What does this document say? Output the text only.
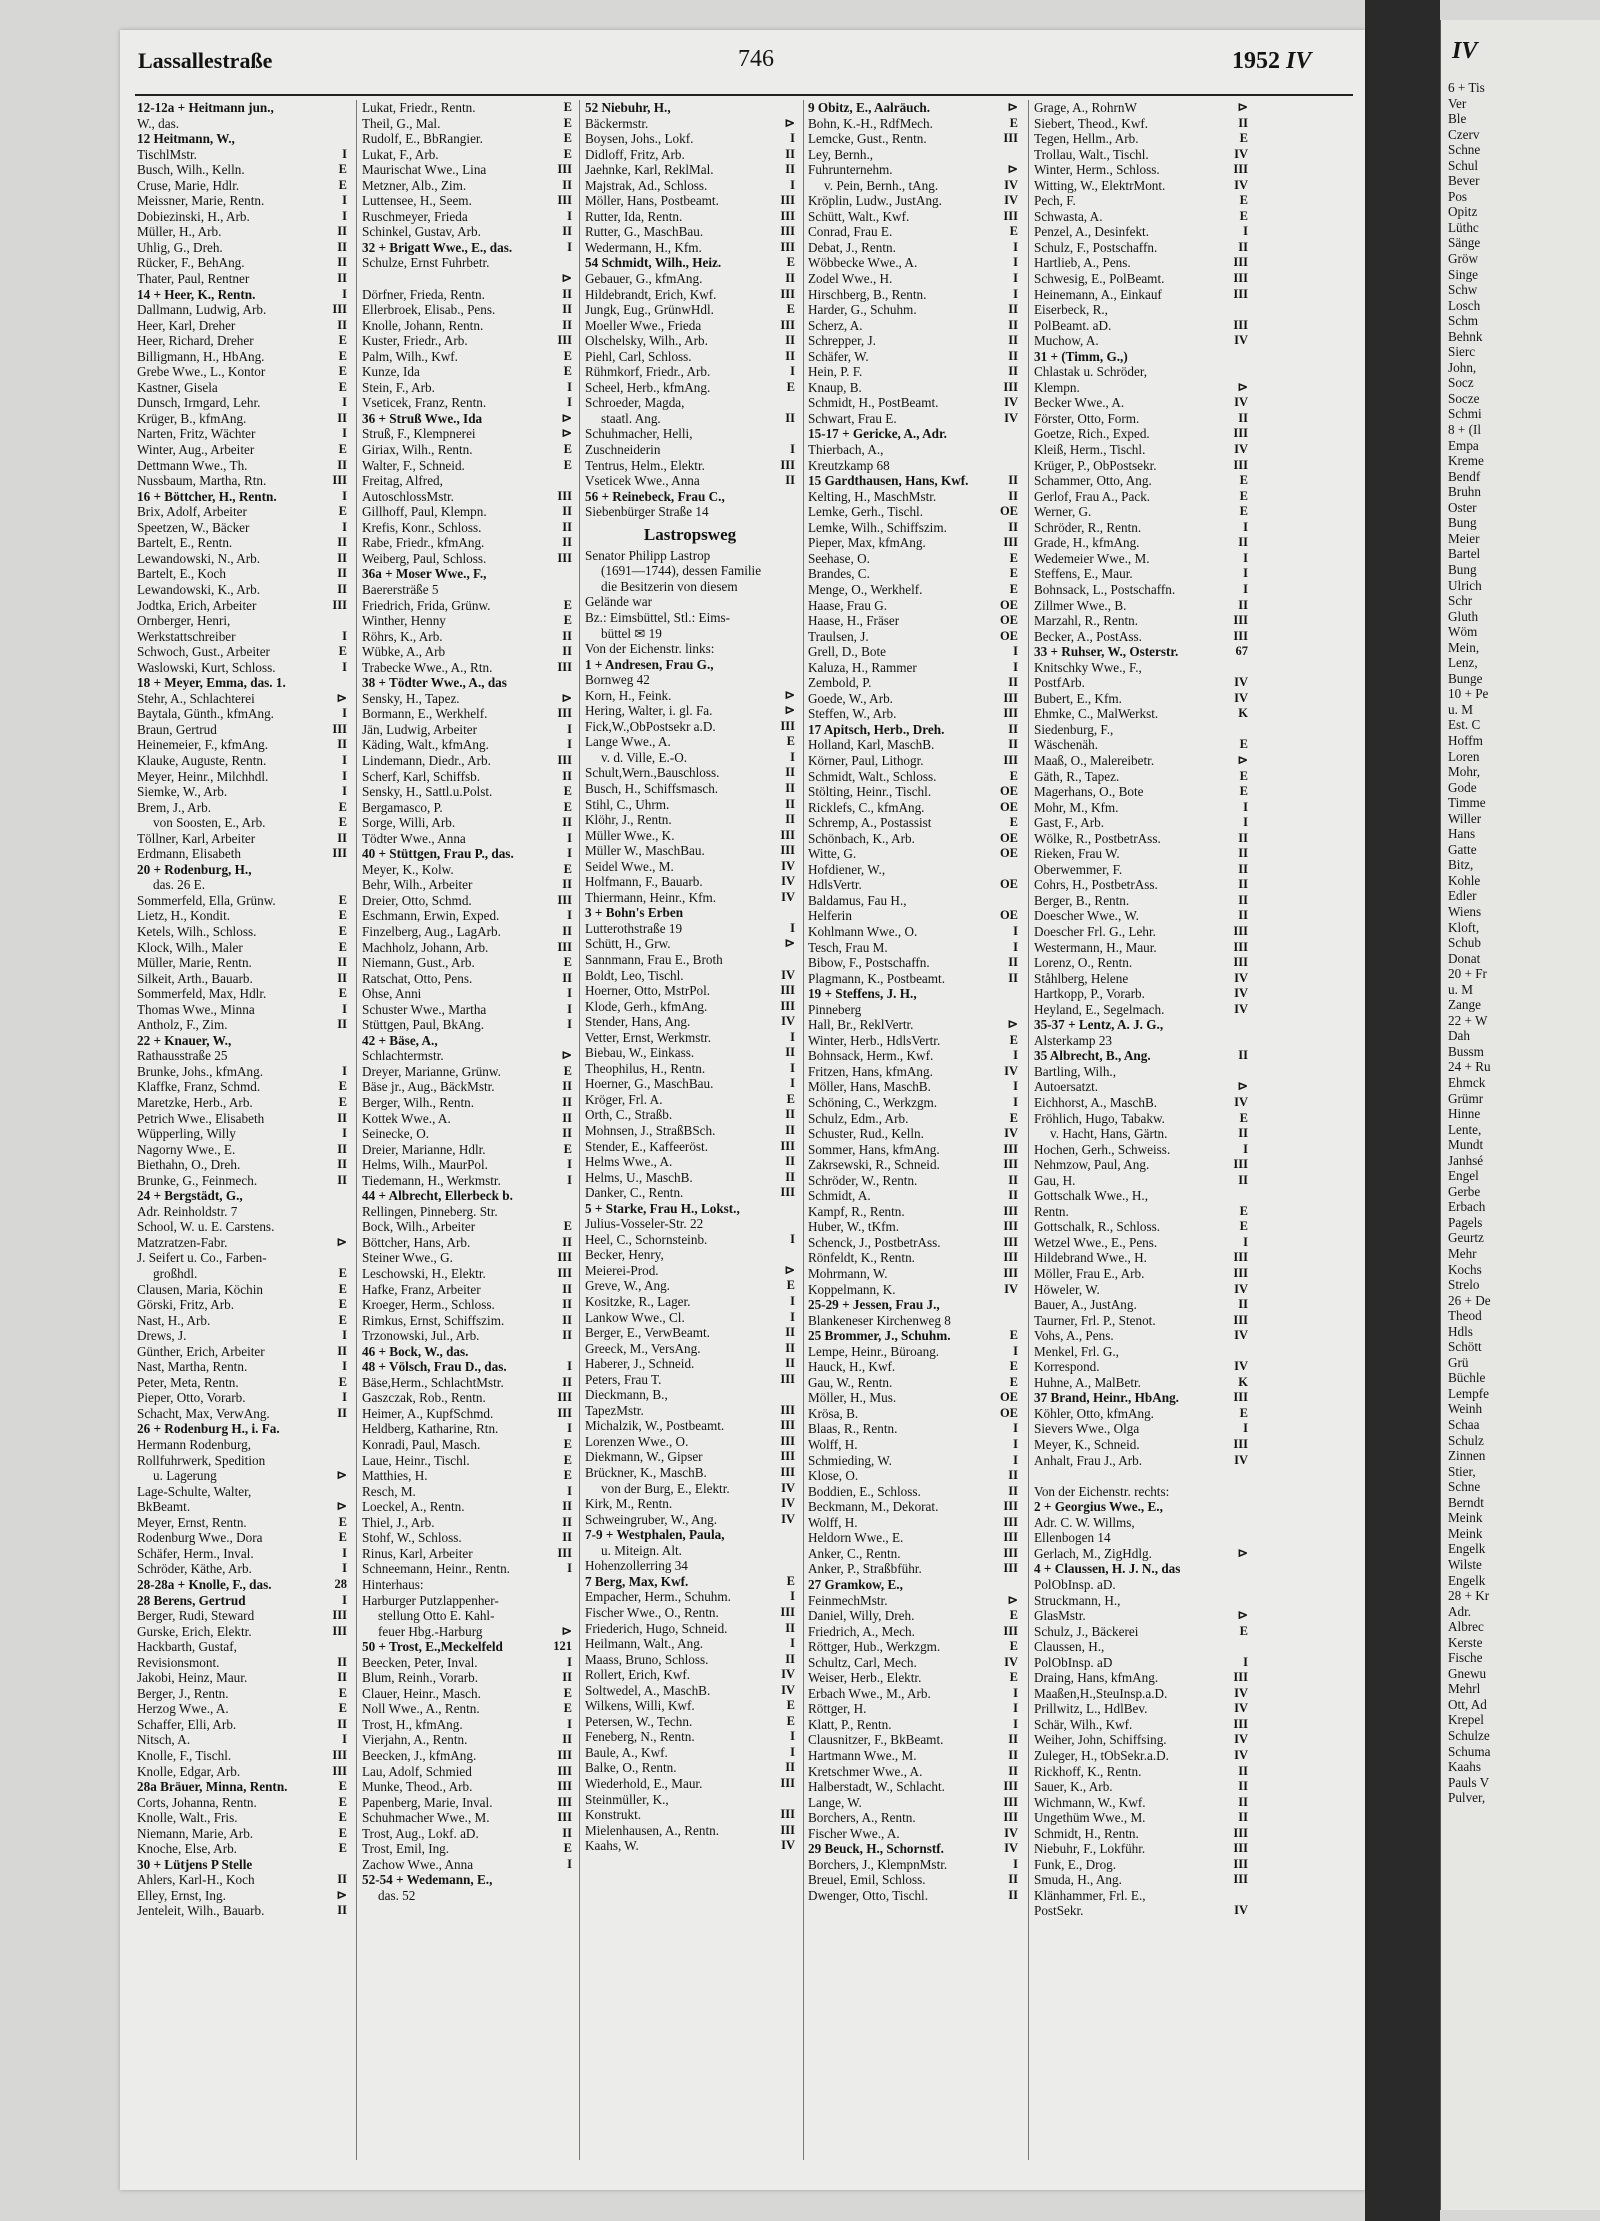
IV
6 + Tis
Ver
Ble
Czerv
Schne
Schul
Bever
Pos
Opitz
Lüthc
Sänge
Gröw
Singe
Schw
Losch
Schm
Behnk
Sierc
John,
Socz
Socze
Schmi
8 + (Il
Empa
Kreme
Bendf
Bruhn
Oster
Bung
Meier
Bartel
Bung
Ulrich
Schr
Gluth
Wöm
Mein,
Lenz,
Bunge
10 + Pe
u. M
Est. C
Hoffm
Loren
Mohr,
Gode
Timme
Willer
Hans
Gatte
Bitz,
Kohle
Edler
Wiens
Kloft,
Schub
Donat
20 + Fr
u. M
Zange
22 + W
Dah
Bussm
24 + Ru
Ehmck
Grümr
Hinne
Lente,
Mundt
Janhsé
Engel
Gerbe
Erbach
Pagels
Geurtz
Mehr
Kochs
Strelo
26 + De
Theod
Hdls
Schött
Grü
Büchle
Lempfe
Weinh
Schaa
Schulz
Zinnen
Stier,
Schne
Berndt
Meink
Meink
Engelk
Wilste
Engelk
28 + Kr
Adr.
Albrec
Kerste
Fische
Gnewu
Mehrl
Ott, Ad
Krepel
Schulze
Schuma
Kaahs
Pauls V
Pulver,
Lassallestraße	746	1952 IV
12-12a + Heitmann jun.,
W., das.
12 Heitmann, W.,
TischlMstr.	I
Busch, Wilh., Kelln.	E
Cruse, Marie, Hdlr.	E
Meissner, Marie, Rentn.	I
Dobiezinski, H., Arb.	I
Müller, H., Arb.	II
Uhlig, G., Dreh.	II
Rücker, F., BehAng.	II
Thater, Paul, Rentner	II
14 + Heer, K., Rentn.	I
Dallmann, Ludwig, Arb.	III
Heer, Karl, Dreher	II
Heer, Richard, Dreher	E
Billigmann, H., HbAng.	E
Grebe Wwe., L., Kontor	E
Kastner, Gisela	E
Dunsch, Irmgard, Lehr.	I
Krüger, B., kfmAng.	II
Narten, Fritz, Wächter	I
Winter, Aug., Arbeiter	E
Dettmann Wwe., Th.	II
Nussbaum, Martha, Rtn.	III
16 + Böttcher, H., Rentn.	I
Brix, Adolf, Arbeiter	E
Speetzen, W., Bäcker	I
Bartelt, E., Rentn.	II
Lewandowski, N., Arb.	II
Bartelt, E., Koch	II
Lewandowski, K., Arb.	II
Jodtka, Erich, Arbeiter	III
Ornberger, Henri,
Werkstattschreiber	I
Schwoch, Gust., Arbeiter	E
Waslowski, Kurt, Schloss.	I
18 + Meyer, Emma, das. 1.
Stehr, A., Schlachterei	⊳
Baytala, Günth., kfmAng.	I
Braun, Gertrud	III
Heinemeier, F., kfmAng.	II
Klauke, Auguste, Rentn.	I
Meyer, Heinr., Milchhdl.	I
Siemke, W., Arb.	I
Brem, J., Arb.	E
von Soosten, E., Arb.	E
Töllner, Karl, Arbeiter	II
Erdmann, Elisabeth	III
20 + Rodenburg, H.,
das. 26 E.
Sommerfeld, Ella, Grünw.	E
Lietz, H., Kondit.	E
Ketels, Wilh., Schloss.	E
Klock, Wilh., Maler	E
Müller, Marie, Rentn.	II
Silkeit, Arth., Bauarb.	II
Sommerfeld, Max, Hdlr.	E
Thomas Wwe., Minna	I
Antholz, F., Zim.	II
22 + Knauer, W.,
Rathausstraße 25
Brunke, Johs., kfmAng.	I
Klaffke, Franz, Schmd.	E
Maretzke, Herb., Arb.	E
Petrich Wwe., Elisabeth	II
Wüpperling, Willy	I
Nagorny Wwe., E.	II
Biethahn, O., Dreh.	II
Brunke, G., Feinmech.	II
24 + Bergstädt, G.,
Adr. Reinholdstr. 7
School, W. u. E. Carstens.
Matzratzen-Fabr.	⊳
J. Seifert u. Co., Farben-
großhdl.	E
Clausen, Maria, Köchin	E
Görski, Fritz, Arb.	E
Nast, H., Arb.	E
Drews, J.	I
Günther, Erich, Arbeiter	II
Nast, Martha, Rentn.	I
Peter, Meta, Rentn.	E
Pieper, Otto, Vorarb.	I
Schacht, Max, VerwAng.	II
26 + Rodenburg H., i. Fa.
Hermann Rodenburg,
Rollfuhrwerk, Spedition
u. Lagerung	⊳
Lage-Schulte, Walter,
BkBeamt.	⊳
Meyer, Ernst, Rentn.	E
Rodenburg Wwe., Dora	E
Schäfer, Herm., Inval.	I
Schröder, Käthe, Arb.	I
28-28a + Knolle, F., das.	28
28 Berens, Gertrud	I
Berger, Rudi, Steward	III
Gurske, Erich, Elektr.	III
Hackbarth, Gustaf,
Revisionsmont.	II
Jakobi, Heinz, Maur.	II
Berger, J., Rentn.	E
Herzog Wwe., A.	E
Schaffer, Elli, Arb.	II
Nitsch, A.	I
Knolle, F., Tischl.	III
Knolle, Edgar, Arb.	III
28a Bräuer, Minna, Rentn.	E
Corts, Johanna, Rentn.	E
Knolle, Walt., Fris.	E
Niemann, Marie, Arb.	E
Knoche, Else, Arb.	E
30 + Lütjens P Stelle
Ahlers, Karl-H., Koch	II
Elley, Ernst, Ing.	⊳
Jenteleit, Wilh., Bauarb.	II
Lukat, Friedr., Rentn.	E
Theil, G., Mal.	E
Rudolf, E., BbRangier.	E
Lukat, F., Arb.	E
Maurischat Wwe., Lina	III
Metzner, Alb., Zim.	II
Luttensee, H., Seem.	III
Ruschmeyer, Frieda	I
Schinkel, Gustav, Arb.	II
32 + Brigatt Wwe., E., das.	I
Schulze, Ernst Fuhrbetr.
⊳
Dörfner, Frieda, Rentn.	II
Ellerbroek, Elisab., Pens.	II
Knolle, Johann, Rentn.	II
Kuster, Friedr., Arb.	III
Palm, Wilh., Kwf.	E
Kunze, Ida	E
Stein, F., Arb.	I
Vseticek, Franz, Rentn.	I
36 + Struß Wwe., Ida	⊳
Struß, F., Klempnerei	⊳
Giriax, Wilh., Rentn.	E
Walter, F., Schneid.	E
Freitag, Alfred,
AutoschlossMstr.	III
Gillhoff, Paul, Klempn.	II
Krefis, Konr., Schloss.	II
Rabe, Friedr., kfmAng.	II
Weiberg, Paul, Schloss.	III
36a + Moser Wwe., F.,
Baerersträße 5
Friedrich, Frida, Grünw.	E
Winther, Henny	E
Röhrs, K., Arb.	II
Wübke, A., Arb	II
Trabecke Wwe., A., Rtn.	III
38 + Tödter Wwe., A., das
Sensky, H., Tapez.	⊳
Bormann, E., Werkhelf.	III
Jän, Ludwig, Arbeiter	I
Käding, Walt., kfmAng.	I
Lindemann, Diedr., Arb.	III
Scherf, Karl, Schiffsb.	II
Sensky, H., Sattl.u.Polst.	E
Bergamasco, P.	E
Sorge, Willi, Arb.	II
Tödter Wwe., Anna	I
40 + Stüttgen, Frau P., das.	I
Meyer, K., Kolw.	E
Behr, Wilh., Arbeiter	II
Dreier, Otto, Schmd.	III
Eschmann, Erwin, Exped.	I
Finzelberg, Aug., LagArb.	II
Machholz, Johann, Arb.	III
Niemann, Gust., Arb.	E
Ratschat, Otto, Pens.	II
Ohse, Anni	I
Schuster Wwe., Martha	I
Stüttgen, Paul, BkAng.	I
42 + Bäse, A.,
Schlachtermstr.	⊳
Dreyer, Marianne, Grünw.	E
Bäse jr., Aug., BäckMstr.	II
Berger, Wilh., Rentn.	II
Kottek Wwe., A.	II
Seinecke, O.	II
Dreier, Marianne, Hdlr.	E
Helms, Wilh., MaurPol.	I
Tiedemann, H., Werkmstr.	I
44 + Albrecht, Ellerbeck b.
Rellingen, Pinneberg. Str.
Bock, Wilh., Arbeiter	E
Böttcher, Hans, Arb.	II
Steiner Wwe., G.	III
Leschowski, H., Elektr.	III
Hafke, Franz, Arbeiter	II
Kroeger, Herm., Schloss.	II
Rimkus, Ernst, Schiffszim.	II
Trzonowski, Jul., Arb.	II
46 + Bock, W., das.
48 + Völsch, Frau D., das.	I
Bäse,Herm., SchlachtMstr.	II
Gaszczak, Rob., Rentn.	III
Heimer, A., KupfSchmd.	III
Heldberg, Katharine, Rtn.	I
Konradi, Paul, Masch.	E
Laue, Heinr., Tischl.	E
Matthies, H.	E
Resch, M.	I
Loeckel, A., Rentn.	II
Thiel, J., Arb.	II
Stohf, W., Schloss.	II
Rinus, Karl, Arbeiter	III
Schneemann, Heinr., Rentn.	I
Hinterhaus:
Harburger Putzlappenher-
stellung Otto E. Kahl-
feuer Hbg.-Harburg	⊳
50 + Trost, E.,Meckelfeld	121
Beecken, Peter, Inval.	I
Blum, Reinh., Vorarb.	II
Clauer, Heinr., Masch.	E
Noll Wwe., A., Rentn.	E
Trost, H., kfmAng.	I
Vierjahn, A., Rentn.	II
Beecken, J., kfmAng.	III
Lau, Adolf, Schmied	III
Munke, Theod., Arb.	III
Papenberg, Marie, Inval.	III
Schuhmacher Wwe., M.	III
Trost, Aug., Lokf. aD.	II
Trost, Emil, Ing.	E
Zachow Wwe., Anna	I
52-54 + Wedemann, E.,
das. 52
52 Niebuhr, H.,
Bäckermstr.	⊳
Boysen, Johs., Lokf.	I
Didloff, Fritz, Arb.	II
Jaehnke, Karl, ReklMal.	II
Majstrak, Ad., Schloss.	I
Möller, Hans, Postbeamt.	III
Rutter, Ida, Rentn.	III
Rutter, G., MaschBau.	III
Wedermann, H., Kfm.	III
54 Schmidt, Wilh., Heiz.	E
Gebauer, G., kfmAng.	II
Hildebrandt, Erich, Kwf.	III
Jungk, Eug., GrünwHdl.	E
Moeller Wwe., Frieda	III
Olschelsky, Wilh., Arb.	II
Piehl, Carl, Schloss.	II
Rühmkorf, Friedr., Arb.	I
Scheel, Herb., kfmAng.	E
Schroeder, Magda,
staatl. Ang.	II
Schuhmacher, Helli,
Zuschneiderin	I
Tentrus, Helm., Elektr.	III
Vseticek Wwe., Anna	II
56 + Reinebeck, Frau C.,
Siebenbürger Straße 14
Lastropsweg
Senator Philipp Lastrop
(1691—1744), dessen Familie
die Besitzerin von diesem
Gelände war
Bz.: Eimsbüttel, Stl.: Eims-
büttel ✉ 19
Von der Eichenstr. links:
1 + Andresen, Frau G.,
Bornweg 42
Korn, H., Feink.	⊳
Hering, Walter, i. gl. Fa.	⊳
Fick,W.,ObPostsekr a.D.	III
Lange Wwe., A.	E
v. d. Ville, E.-O.	I
Schult,Wern.,Bauschloss.	II
Busch, H., Schiffsmasch.	II
Stihl, C., Uhrm.	II
Klöhr, J., Rentn.	II
Müller Wwe., K.	III
Müller W., MaschBau.	III
Seidel Wwe., M.	IV
Holfmann, F., Bauarb.	IV
Thiermann, Heinr., Kfm.	IV
3 + Bohn's Erben
Lutterothstraße 19	I
Schütt, H., Grw.	⊳
Sannmann, Frau E., Broth
Boldt, Leo, Tischl.	IV
Hoerner, Otto, MstrPol.	III
Klode, Gerh., kfmAng.	III
Stender, Hans, Ang.	IV
Vetter, Ernst, Werkmstr.	I
Biebau, W., Einkass.	II
Theophilus, H., Rentn.	I
Hoerner, G., MaschBau.	I
Kröger, Frl. A.	E
Orth, C., Straßb.	II
Mohnsen, J., StraßBSch.	II
Stender, E., Kaffeeröst.	III
Helms Wwe., A.	II
Helms, U., MaschB.	II
Danker, C., Rentn.	III
5 + Starke, Frau H., Lokst.,
Julius-Vosseler-Str. 22
Heel, C., Schornsteinb.	I
Becker, Henry,
Meierei-Prod.	⊳
Greve, W., Ang.	E
Kositzke, R., Lager.	I
Lankow Wwe., Cl.	I
Berger, E., VerwBeamt.	II
Greeck, M., VersAng.	II
Haberer, J., Schneid.	II
Peters, Frau T.	III
Dieckmann, B.,
TapezMstr.	III
Michalzik, W., Postbeamt.	III
Lorenzen Wwe., O.	III
Diekmann, W., Gipser	III
Brückner, K., MaschB.	III
von der Burg, E., Elektr.	IV
Kirk, M., Rentn.	IV
Schweingruber, W., Ang.	IV
7-9 + Westphalen, Paula,
u. Miteign. Alt.
Hohenzollerring 34
7 Berg, Max, Kwf.	E
Empacher, Herm., Schuhm.	I
Fischer Wwe., O., Rentn.	III
Friederich, Hugo, Schneid.	II
Heilmann, Walt., Ang.	I
Maass, Bruno, Schloss.	II
Rollert, Erich, Kwf.	IV
Soltwedel, A., MaschB.	IV
Wilkens, Willi, Kwf.	E
Petersen, W., Techn.	E
Feneberg, N., Rentn.	I
Baule, A., Kwf.	I
Balke, O., Rentn.	II
Wiederhold, E., Maur.	III
Steinmüller, K.,
Konstrukt.	III
Mielenhausen, A., Rentn.	III
Kaahs, W.	IV
9 Obitz, E., Aalräuch.	⊳
Bohn, K.-H., RdfMech.	E
Lemcke, Gust., Rentn.	III
Ley, Bernh.,
Fuhrunternehm.	⊳
v. Pein, Bernh., tAng.	IV
Kröplin, Ludw., JustAng.	IV
Schütt, Walt., Kwf.	III
Conrad, Frau E.	E
Debat, J., Rentn.	I
Wöbbecke Wwe., A.	I
Zodel Wwe., H.	I
Hirschberg, B., Rentn.	I
Harder, G., Schuhm.	II
Scherz, A.	II
Schrepper, J.	II
Schäfer, W.	II
Hein, P. F.	II
Knaup, B.	III
Schmidt, H., PostBeamt.	IV
Schwart, Frau E.	IV
15-17 + Gericke, A., Adr.
Thierbach, A.,
Kreutzkamp 68
15 Gardthausen, Hans, Kwf.	II
Kelting, H., MaschMstr.	II
Lemke, Gerh., Tischl.	OE
Lemke, Wilh., Schiffszim.	II
Pieper, Max, kfmAng.	III
Seehase, O.	E
Brandes, C.	E
Menge, O., Werkhelf.	E
Haase, Frau G.	OE
Haase, H., Fräser	OE
Traulsen, J.	OE
Grell, D., Bote	I
Kaluza, H., Rammer	I
Zembold, P.	II
Goede, W., Arb.	III
Steffen, W., Arb.	III
17 Apitsch, Herb., Dreh.	II
Holland, Karl, MaschB.	II
Körner, Paul, Lithogr.	III
Schmidt, Walt., Schloss.	E
Stölting, Heinr., Tischl.	OE
Ricklefs, C., kfmAng.	OE
Schremp, A., Postassist	E
Schönbach, K., Arb.	OE
Witte, G.	OE
Hofdiener, W.,
HdlsVertr.	OE
Baldamus, Fau H.,
Helferin	OE
Kohlmann Wwe., O.	I
Tesch, Frau M.	I
Bibow, F., Postschaffn.	II
Plagmann, K., Postbeamt.	II
19 + Steffens, J. H.,
Pinneberg
Hall, Br., ReklVertr.	⊳
Winter, Herb., HdlsVertr.	E
Bohnsack, Herm., Kwf.	I
Fritzen, Hans, kfmAng.	IV
Möller, Hans, MaschB.	I
Schöning, C., Werkzgm.	I
Schulz, Edm., Arb.	E
Schuster, Rud., Kelln.	IV
Sommer, Hans, kfmAng.	III
Zakrsewski, R., Schneid.	III
Schröder, W., Rentn.	II
Schmidt, A.	II
Kampf, R., Rentn.	III
Huber, W., tKfm.	III
Schenck, J., PostbetrAss.	III
Rönfeldt, K., Rentn.	III
Mohrmann, W.	III
Koppelmann, K.	IV
25-29 + Jessen, Frau J.,
Blankeneser Kirchenweg 8
25 Brommer, J., Schuhm.	E
Lempe, Heinr., Büroang.	I
Hauck, H., Kwf.	E
Gau, W., Rentn.	E
Möller, H., Mus.	OE
Krösa, B.	OE
Blaas, R., Rentn.	I
Wolff, H.	I
Schmieding, W.	I
Klose, O.	II
Boddien, E., Schloss.	II
Beckmann, M., Dekorat.	III
Wolff, H.	III
Heldorn Wwe., E.	III
Anker, C., Rentn.	III
Anker, P., Straßbführ.	III
27 Gramkow, E.,
FeinmechMstr.	⊳
Daniel, Willy, Dreh.	E
Friedrich, A., Mech.	III
Röttger, Hub., Werkzgm.	E
Schultz, Carl, Mech.	IV
Weiser, Herb., Elektr.	E
Erbach Wwe., M., Arb.	I
Röttger, H.	I
Klatt, P., Rentn.	I
Clausnitzer, F., BkBeamt.	II
Hartmann Wwe., M.	II
Kretschmer Wwe., A.	II
Halberstadt, W., Schlacht.	III
Lange, W.	III
Borchers, A., Rentn.	III
Fischer Wwe., A.	IV
29 Beuck, H., Schornstf.	IV
Borchers, J., KlempnMstr.	I
Breuel, Emil, Schloss.	II
Dwenger, Otto, Tischl.	II
Grage, A., RohrnW	⊳
Siebert, Theod., Kwf.	II
Tegen, Hellm., Arb.	E
Trollau, Walt., Tischl.	IV
Winter, Herm., Schloss.	III
Witting, W., ElektrMont.	IV
Pech, F.	E
Schwasta, A.	E
Penzel, A., Desinfekt.	I
Schulz, F., Postschaffn.	II
Hartlieb, A., Pens.	III
Schwesig, E., PolBeamt.	III
Heinemann, A., Einkauf	III
Eiserbeck, R.,
PolBeamt. aD.	III
Muchow, A.	IV
31 + (Timm, G.,)
Chlastak u. Schröder,
Klempn.	⊳
Becker Wwe., A.	IV
Förster, Otto, Form.	II
Goetze, Rich., Exped.	III
Kleiß, Herm., Tischl.	IV
Krüger, P., ObPostsekr.	III
Schammer, Otto, Ang.	E
Gerlof, Frau A., Pack.	E
Werner, G.	E
Schröder, R., Rentn.	I
Grade, H., kfmAng.	II
Wedemeier Wwe., M.	I
Steffens, E., Maur.	I
Bohnsack, L., Postschaffn.	I
Zillmer Wwe., B.	II
Marzahl, R., Rentn.	III
Becker, A., PostAss.	III
33 + Ruhser, W., Osterstr.	67
Knitschky Wwe., F.,
PostfArb.	IV
Bubert, E., Kfm.	IV
Ehmke, C., MalWerkst.	K
Siedenburg, F.,
Wäschenäh.	E
Maaß, O., Malereibetr.	⊳
Gäth, R., Tapez.	E
Magerhans, O., Bote	E
Mohr, M., Kfm.	I
Gast, F., Arb.	I
Wölke, R., PostbetrAss.	II
Rieken, Frau W.	II
Oberwemmer, F.	II
Cohrs, H., PostbetrAss.	II
Berger, B., Rentn.	II
Doescher Wwe., W.	II
Doescher Frl. G., Lehr.	III
Westermann, H., Maur.	III
Lorenz, O., Rentn.	III
Ståhlberg, Helene	IV
Hartkopp, P., Vorarb.	IV
Heyland, E., Segelmach.	IV
35-37 + Lentz, A. J. G.,
Alsterkamp 23
35 Albrecht, B., Ang.	II
Bartling, Wilh.,
Autoersatzt.	⊳
Eichhorst, A., MaschB.	IV
Fröhlich, Hugo, Tabakw.	E
v. Hacht, Hans, Gärtn.	II
Hochen, Gerh., Schweiss.	I
Nehmzow, Paul, Ang.	III
Gau, H.	II
Gottschalk Wwe., H.,
Rentn.	E
Gottschalk, R., Schloss.	E
Wetzel Wwe., E., Pens.	I
Hildebrand Wwe., H.	III
Möller, Frau E., Arb.	III
Höweler, W.	IV
Bauer, A., JustAng.	II
Taurner, Frl. P., Stenot.	III
Vohs, A., Pens.	IV
Menkel, Frl. G.,
Korrespond.	IV
Huhne, A., MalBetr.	K
37 Brand, Heinr., HbAng.	III
Köhler, Otto, kfmAng.	E
Sievers Wwe., Olga	I
Meyer, K., Schneid.	III
Anhalt, Frau J., Arb.	IV
Von der Eichenstr. rechts:
2 + Georgius Wwe., E.,
Adr. C. W. Willms,
Ellenbogen 14
Gerlach, M., ZigHdlg.	⊳
4 + Claussen, H. J. N., das
PolObInsp. aD.
Struckmann, H.,
GlasMstr.	⊳
Schulz, J., Bäckerei	E
Claussen, H.,
PolObInsp. aD	I
Draing, Hans, kfmAng.	III
Maaßen,H.,SteuInsp.a.D.	IV
Prillwitz, L., HdlBev.	IV
Schär, Wilh., Kwf.	III
Weiher, John, Schiffsing.	IV
Zuleger, H., tObSekr.a.D.	IV
Rickhoff, K., Rentn.	II
Sauer, K., Arb.	II
Wichmann, W., Kwf.	II
Ungethüm Wwe., M.	II
Schmidt, H., Rentn.	III
Niebuhr, F., Lokführ.	III
Funk, E., Drog.	III
Smuda, H., Ang.	III
Klänhammer, Frl. E.,
PostSekr.	IV
